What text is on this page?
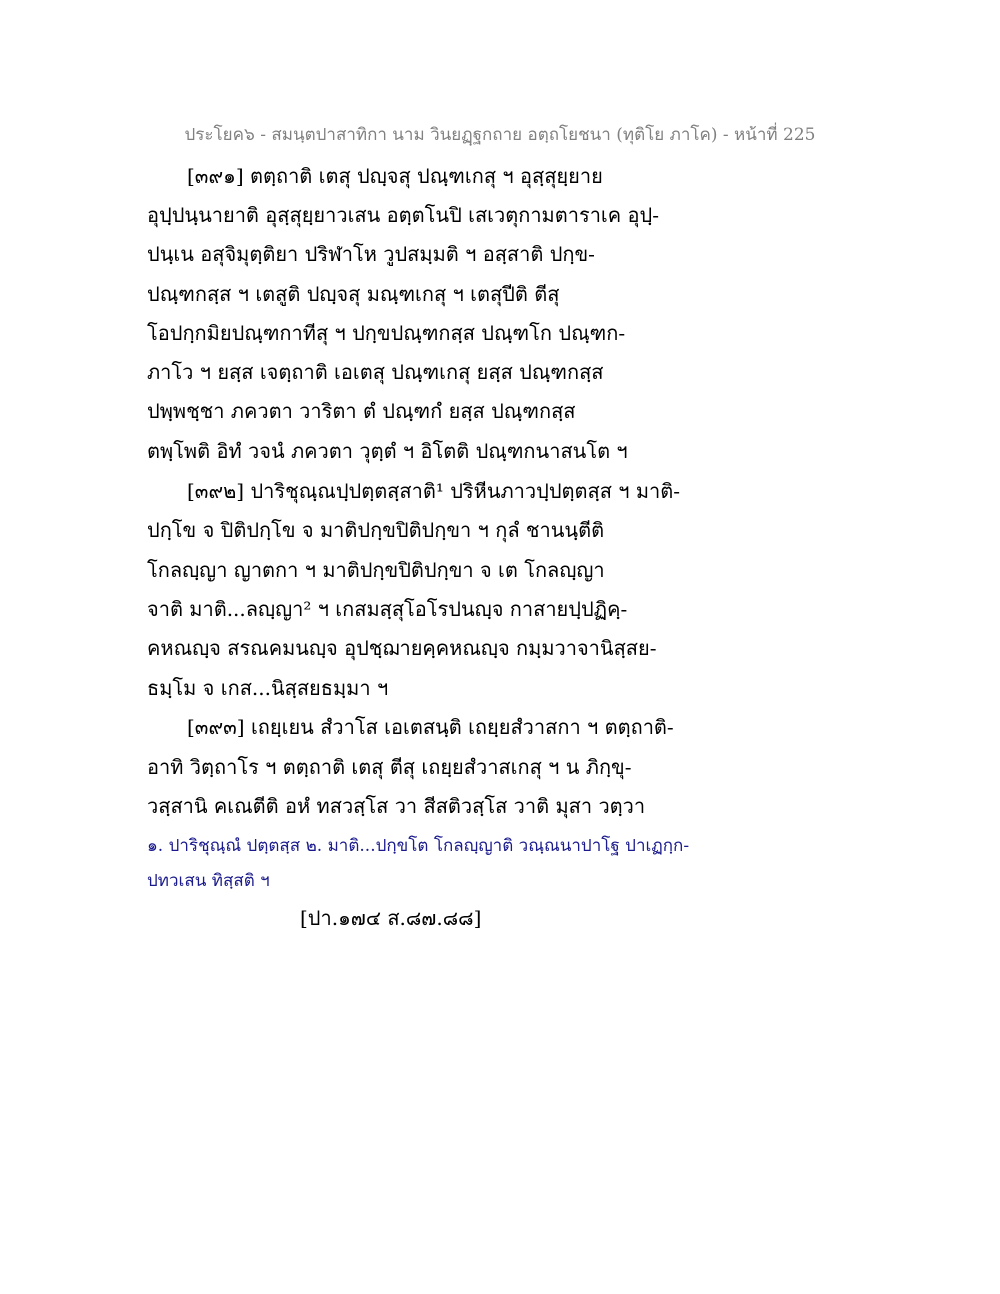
ประโยค๖ - สมนฺตปาสาทิกา นาม วินยฏฺฐกถาย อตฺถโยชนา (ทุติโย ภาโค) - หน้าที่ 225
[๓๙๑] ตตฺถาติ เตสุ ปญฺจสุ ปณฺฑเกสุ ฯ อุสฺสุยฺยาย
อุปฺปนฺนายาติ อุสฺสุยฺยาวเสน อตฺตโนปิ เสเวตุกามตาราเค อุปฺ-
ปนฺเน อสุจิมุตฺติยา ปริฬาโห วูปสมฺมติ ฯ อสฺสาติ ปกฺข-
ปณฺฑกสฺส ฯ เตสูติ ปญฺจสุ มณฺฑเกสุ ฯ เตสุปีติ ตีสุ
โอปกฺกมิยปณฺฑกาทีสุ ฯ ปกฺขปณฺฑกสฺส ปณฺฑโก ปณฺฑก-
ภาโว ฯ ยสฺส เจตฺถาติ เอเตสุ ปณฺฑเกสุ ยสฺส ปณฺฑกสฺส
ปพฺพชฺชา ภควตา วาริตา ตํ ปณฺฑกํ ยสฺส ปณฺฑกสฺส
ตพฺโพติ อิทํ วจนํ ภควตา วุตฺตํ ฯ อิโตติ ปณฺฑกนาสนโต ฯ
[๓๙๒] ปาริชุณฺณปฺปตฺตสฺสาติ¹ ปริหีนภาวปฺปตฺตสฺส ฯ มาติ-
ปกฺโข จ ปิติปกฺโข จ มาติปกฺขปิติปกฺขา ฯ กุลํ ชานนฺตีติ
โกลญฺญา ญาตกา ฯ มาติปกฺขปิติปกฺขา จ เต โกลญฺญา
จาติ มาติ...ลญฺญา² ฯ เกสมสฺสุโอโรปนญฺจ กาสายปฺปฏิคฺ-
คหณญฺจ สรณคมนญฺจ อุปชฺฌายคฺคหณญฺจ กมฺมวาจานิสฺสย-
ธมฺโม จ เกส...นิสฺสยธมฺมา ฯ
[๓๙๓] เถยฺเยน สํวาโส เอเตสนฺติ เถยฺยสํวาสกา ฯ ตตฺถาติ-
อาทิ วิตฺถาโร ฯ ตตฺถาติ เตสุ ตีสุ เถยฺยสํวาสเกสุ ฯ น ภิกฺขุ-
วสฺสานิ คเณตีติ อหํ ทสวสฺโส วา สีสติวสฺโส วาติ มุสา วตฺวา
๑. ปาริชุณฺณํ ปตฺตสฺส ๒. มาติ...ปกฺขโต โกลญฺญาติ วณฺณนาปาโฐ ปาเฏกฺก-
ปทวเสน ทิสฺสติ ฯ
[ปา.๑๗๔ ส.๘๗.๘๘]
